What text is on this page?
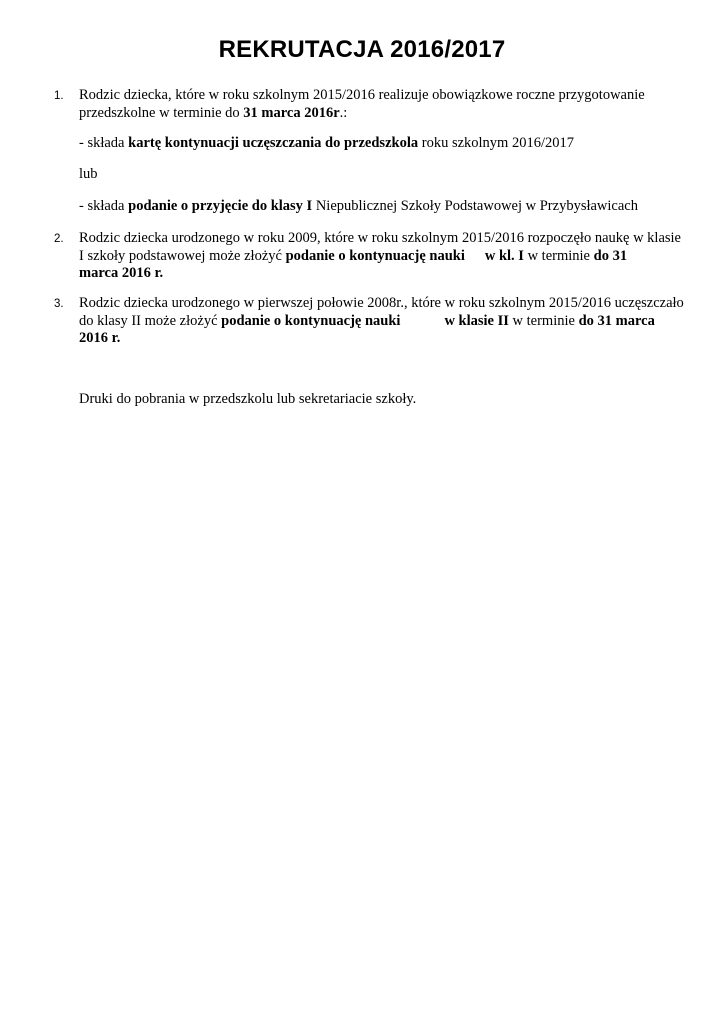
REKRUTACJA 2016/2017
1. Rodzic dziecka, które w roku szkolnym 2015/2016 realizuje obowiązkowe roczne przygotowanie
przedszkolne w terminie do 31 marca 2016r.:
- składa kartę kontynuacji uczęszczania do przedszkola roku szkolnym 2016/2017
lub
- składa podanie o przyjęcie do klasy I Niepublicznej Szkoły Podstawowej w Przybysławicach
2. Rodzic dziecka urodzonego w roku 2009, które w roku szkolnym 2015/2016 rozpoczęło naukę w klasie
I szkoły podstawowej może złożyć podanie o kontynuację nauki w kl. I w terminie do 31
marca 2016 r.
3. Rodzic dziecka urodzonego w pierwszej połowie 2008r., które w roku szkolnym 2015/2016 uczęszczało
do klasy II może złożyć podanie o kontynuację nauki	w klasie II w terminie do 31 marca
2016 r.
Druki do pobrania w przedszkolu lub sekretariacie szkoły.
